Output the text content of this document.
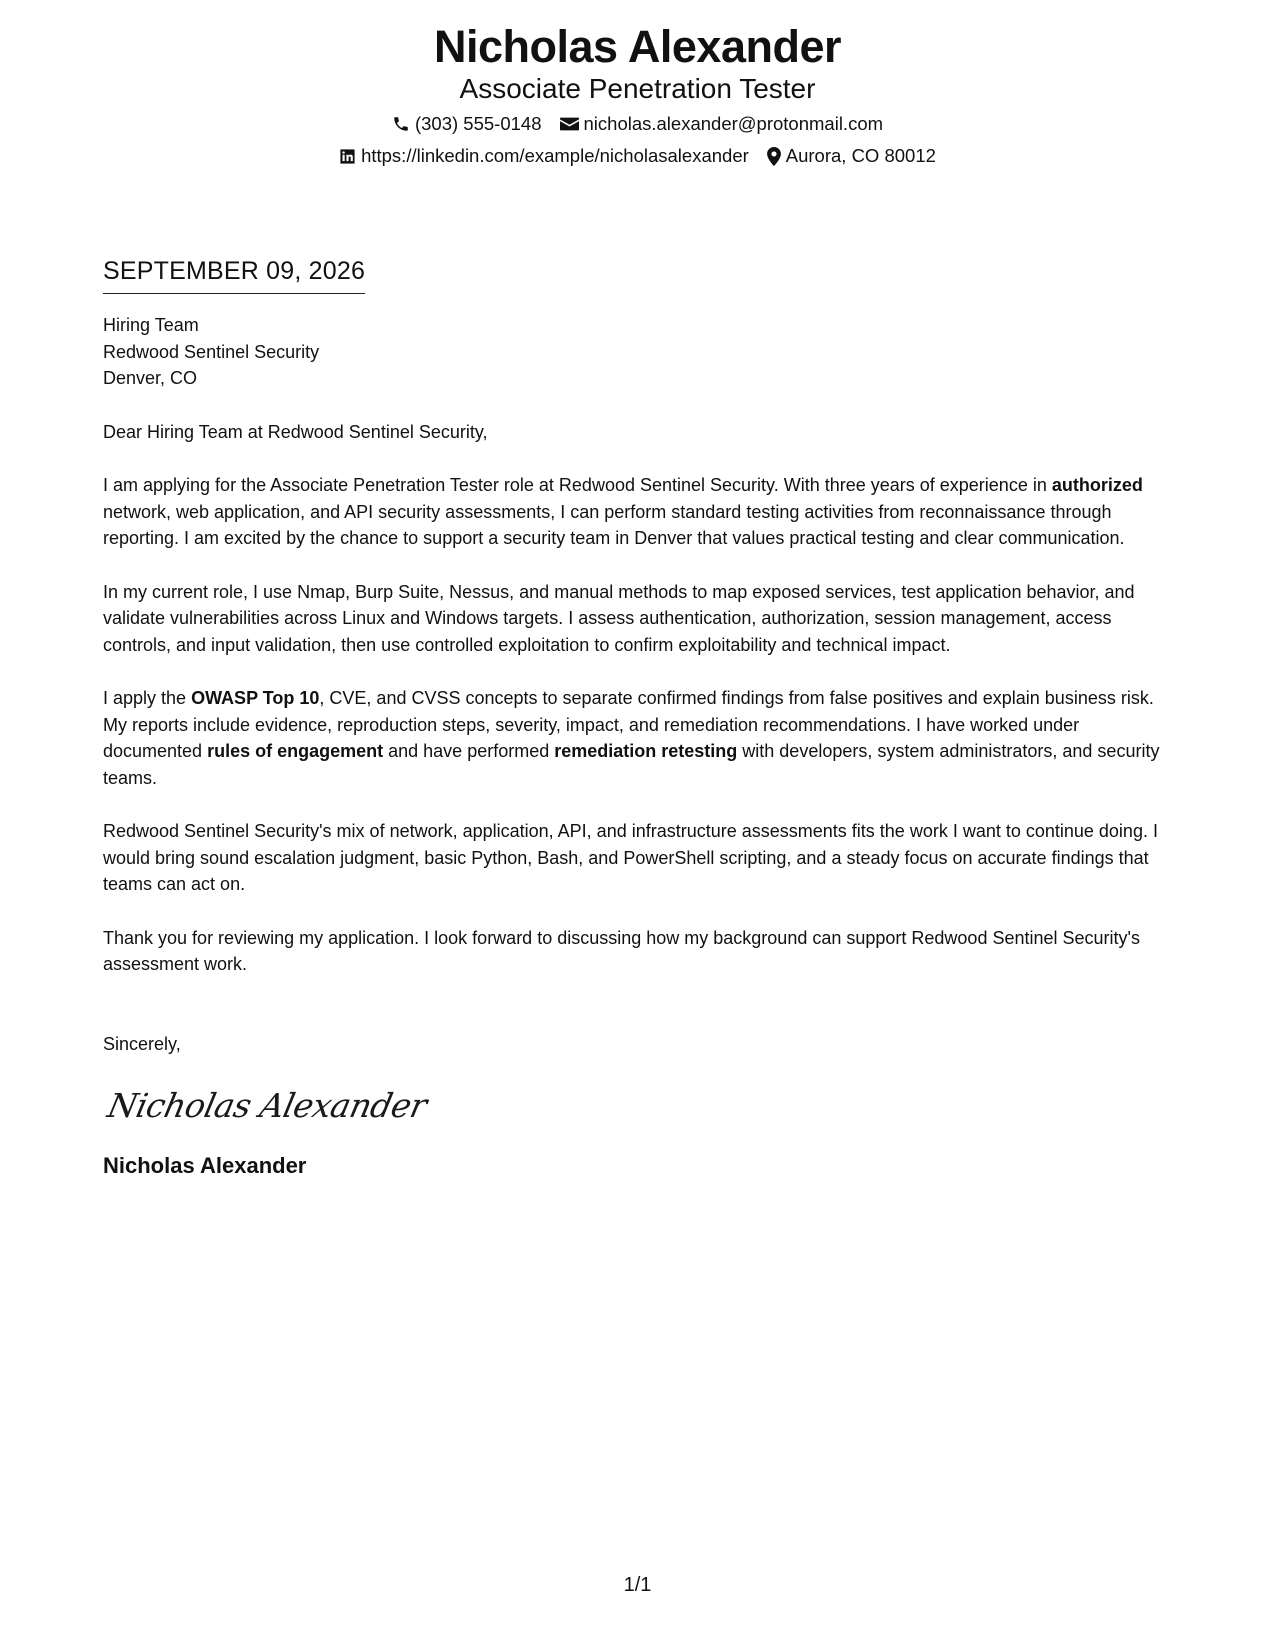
Nicholas Alexander
Associate Penetration Tester
(303) 555-0148 nicholas.alexander@protonmail.com
https://linkedin.com/example/nicholasalexander Aurora, CO 80012
SEPTEMBER 09, 2026
Hiring Team
Redwood Sentinel Security
Denver, CO
Dear Hiring Team at Redwood Sentinel Security,
I am applying for the Associate Penetration Tester role at Redwood Sentinel Security. With three years of experience in authorized network, web application, and API security assessments, I can perform standard testing activities from reconnaissance through reporting. I am excited by the chance to support a security team in Denver that values practical testing and clear communication.
In my current role, I use Nmap, Burp Suite, Nessus, and manual methods to map exposed services, test application behavior, and validate vulnerabilities across Linux and Windows targets. I assess authentication, authorization, session management, access controls, and input validation, then use controlled exploitation to confirm exploitability and technical impact.
I apply the OWASP Top 10, CVE, and CVSS concepts to separate confirmed findings from false positives and explain business risk. My reports include evidence, reproduction steps, severity, impact, and remediation recommendations. I have worked under documented rules of engagement and have performed remediation retesting with developers, system administrators, and security teams.
Redwood Sentinel Security's mix of network, application, API, and infrastructure assessments fits the work I want to continue doing. I would bring sound escalation judgment, basic Python, Bash, and PowerShell scripting, and a steady focus on accurate findings that teams can act on.
Thank you for reviewing my application. I look forward to discussing how my background can support Redwood Sentinel Security's assessment work.
Sincerely,
Nicholas Alexander
Nicholas Alexander
1/1
